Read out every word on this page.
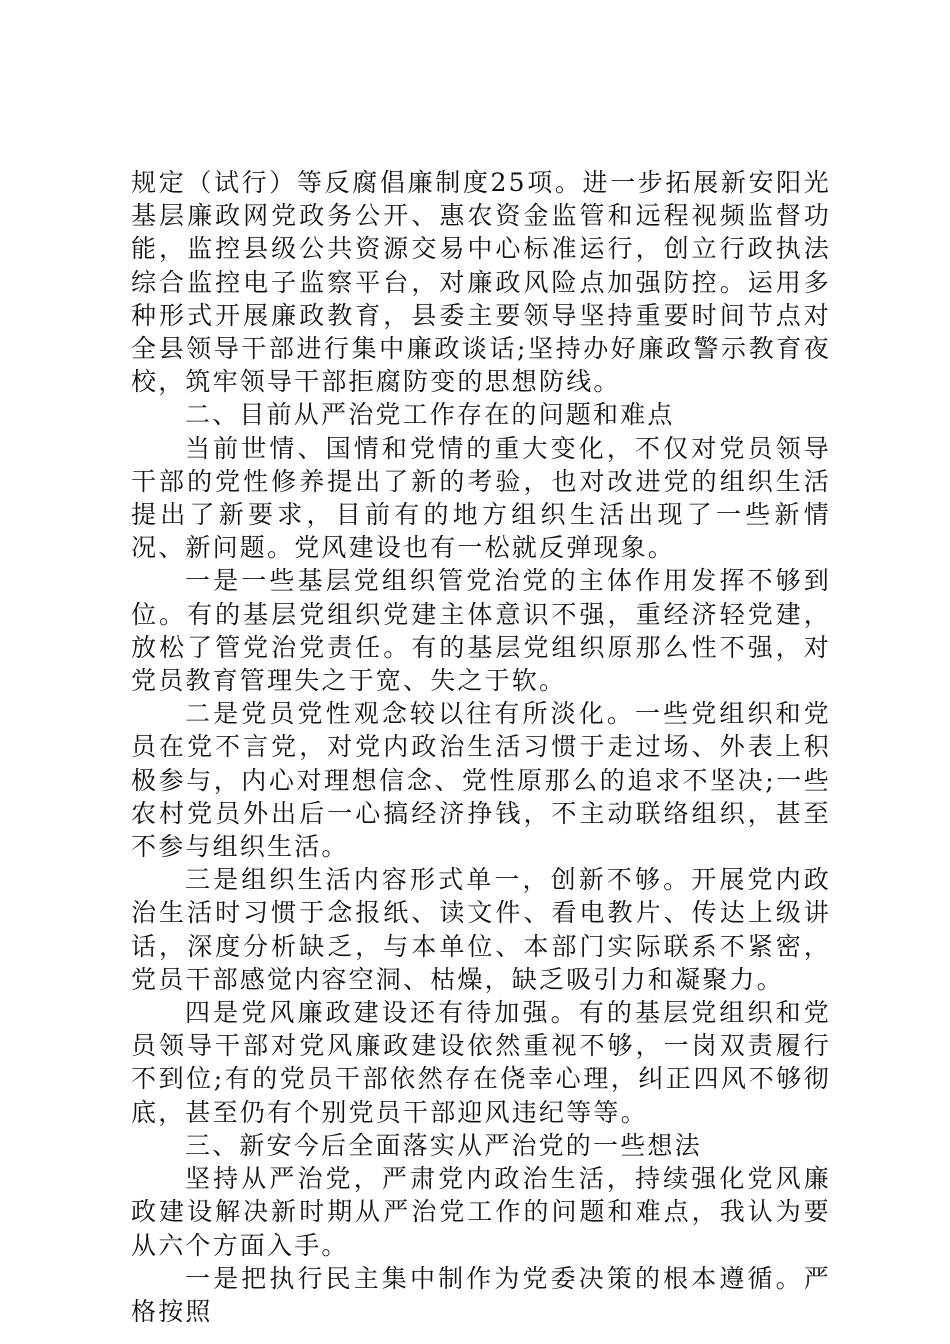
规定（试行）等反腐倡廉制度25项。进一步拓展新安阳光基层廉政网党政务公开、惠农资金监管和远程视频监督功能，监控县级公共资源交易中心标准运行，创立行政执法综合监控电子监察平台，对廉政风险点加强防控。运用多种形式开展廉政教育，县委主要领导坚持重要时间节点对全县领导干部进行集中廉政谈话;坚持办好廉政警示教育夜校，筑牢领导干部拒腐防变的思想防线。

二、目前从严治党工作存在的问题和难点

当前世情、国情和党情的重大变化，不仅对党员领导干部的党性修养提出了新的考验，也对改进党的组织生活提出了新要求，目前有的地方组织生活出现了一些新情况、新问题。党风建设也有一松就反弹现象。

一是一些基层党组织管党治党的主体作用发挥不够到位。有的基层党组织党建主体意识不强，重经济轻党建，放松了管党治党责任。有的基层党组织原那么性不强，对党员教育管理失之于宽、失之于软。

二是党员党性观念较以往有所淡化。一些党组织和党员在党不言党，对党内政治生活习惯于走过场、外表上积极参与，内心对理想信念、党性原那么的追求不坚决;一些农村党员外出后一心搞经济挣钱，不主动联络组织，甚至不参与组织生活。

三是组织生活内容形式单一，创新不够。开展党内政治生活时习惯于念报纸、读文件、看电教片、传达上级讲话，深度分析缺乏，与本单位、本部门实际联系不紧密，党员干部感觉内容空洞、枯燥，缺乏吸引力和凝聚力。

四是党风廉政建设还有待加强。有的基层党组织和党员领导干部对党风廉政建设依然重视不够，一岗双责履行不到位;有的党员干部依然存在侥幸心理，纠正四风不够彻底，甚至仍有个别党员干部迎风违纪等等。

三、新安今后全面落实从严治党的一些想法

坚持从严治党，严肃党内政治生活，持续强化党风廉政建设解决新时期从严治党工作的问题和难点，我认为要从六个方面入手。

一是把执行民主集中制作为党委决策的根本遵循。严格按照
